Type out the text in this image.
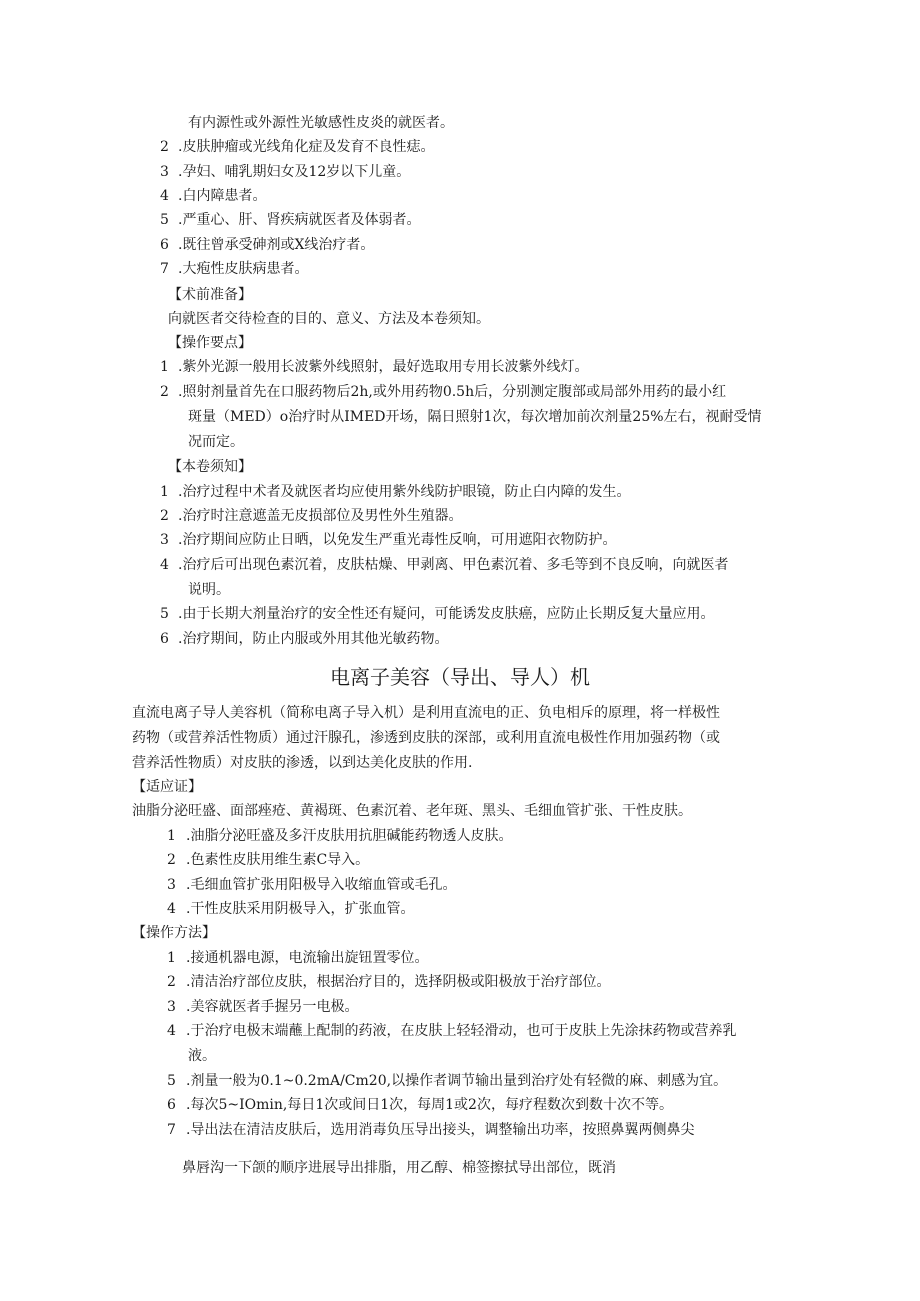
有内源性或外源性光敏感性皮炎的就医者。
2 .皮肤肿瘤或光线角化症及发育不良性痣。
3 .孕妇、哺乳期妇女及12岁以下儿童。
4 .白内障患者。
5 .严重心、肝、肾疾病就医者及体弱者。
6 .既往曾承受砷剂或X线治疗者。
7 .大疱性皮肤病患者。
【术前准备】
向就医者交待检查的目的、意义、方法及本卷须知。
【操作要点】
1 .紫外光源一般用长波紫外线照射，最好选取用专用长波紫外线灯。
2 .照射剂量首先在口服药物后2h,或外用药物0.5h后，分别测定腹部或局部外用药的最小红
斑量（MED）o治疗时从IMED开场，隔日照射1次，每次增加前次剂量25%左右，视耐受情
况而定。
【本卷须知】
1 .治疗过程中术者及就医者均应使用紫外线防护眼镜，防止白内障的发生。
2 .治疗时注意遮盖无皮损部位及男性外生殖器。
3 .治疗期间应防止日晒，以免发生严重光毒性反响，可用遮阳衣物防护。
4 .治疗后可出现色素沉着，皮肤枯燥、甲剥离、甲色素沉着、多毛等到不良反响，向就医者
说明。
5 .由于长期大剂量治疗的安全性还有疑问，可能诱发皮肤癌，应防止长期反复大量应用。
6 .治疗期间，防止内服或外用其他光敏药物。
电离子美容（导出、导人）机
直流电离子导人美容机（简称电离子导入机）是利用直流电的正、负电相斥的原理，将一样极性
药物（或营养活性物质）通过汗腺孔，渗透到皮肤的深部，或利用直流电极性作用加强药物（或
营养活性物质）对皮肤的渗透，以到达美化皮肤的作用.
【适应证】
油脂分泌旺盛、面部痤疮、黄褐斑、色素沉着、老年斑、黑头、毛细血管扩张、干性皮肤。
1 .油脂分泌旺盛及多汗皮肤用抗胆碱能药物透人皮肤。
2 .色素性皮肤用维生素C导入。
3 .毛细血管扩张用阳极导入收缩血管或毛孔。
4 .干性皮肤采用阴极导入，扩张血管。
【操作方法】
1 .接通机器电源，电流输出旋钮置零位。
2 .清洁治疗部位皮肤，根据治疗目的，选择阴极或阳极放于治疗部位。
3 .美容就医者手握另一电极。
4 .于治疗电极末端蘸上配制的药液，在皮肤上轻轻滑动，也可于皮肤上先涂抹药物或营养乳
液。
5 .剂量一般为0.1~0.2mA/Cm20,以操作者调节输出量到治疗处有轻微的麻、刺感为宜。
6 .每次5~IOmin,每日1次或间日1次，每周1或2次，每疗程数次到数十次不等。
7 .导出法在清洁皮肤后，选用消毒负压导出接头，调整输出功率，按照鼻翼两侧鼻尖
鼻唇沟一下颌的顺序进展导出排脂，用乙醇、棉签擦拭导出部位，既消
